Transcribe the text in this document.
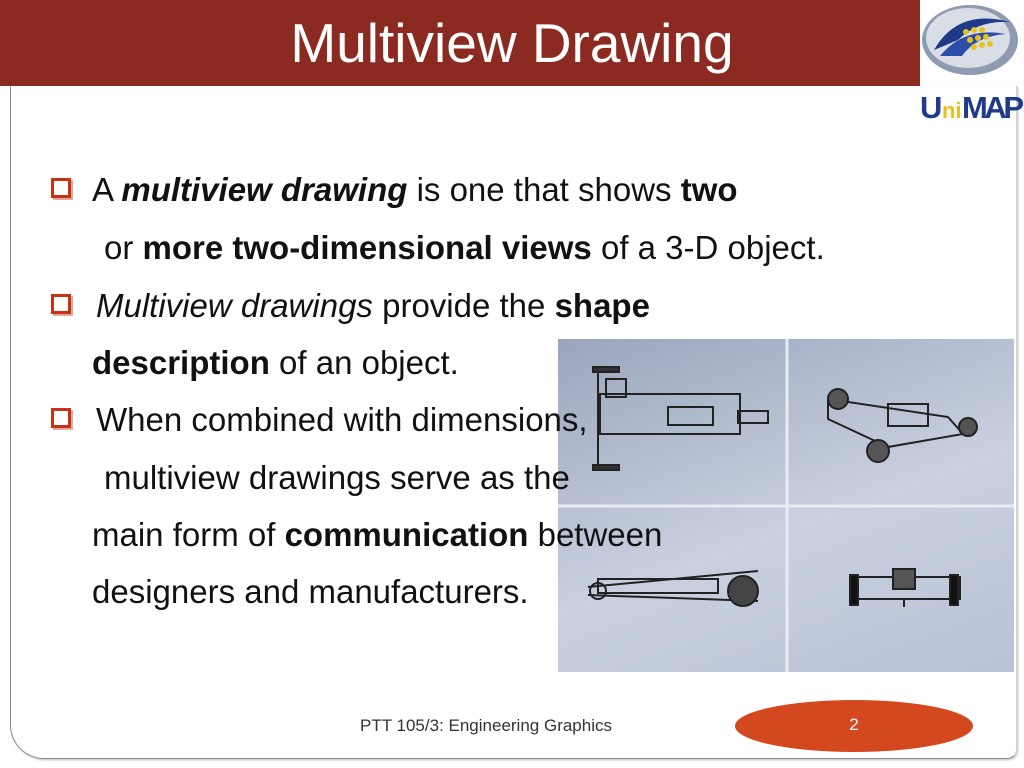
Multiview Drawing
U ni MAP
A multiview drawing is one that shows two
or more two-dimensional views of a 3-D object.
Multiview drawings provide the shape
description of an object.
When combined with dimensions,
multiview drawings serve as the
main form of communication between
designers and manufacturers.
PTT 105/3: Engineering Graphics	2
